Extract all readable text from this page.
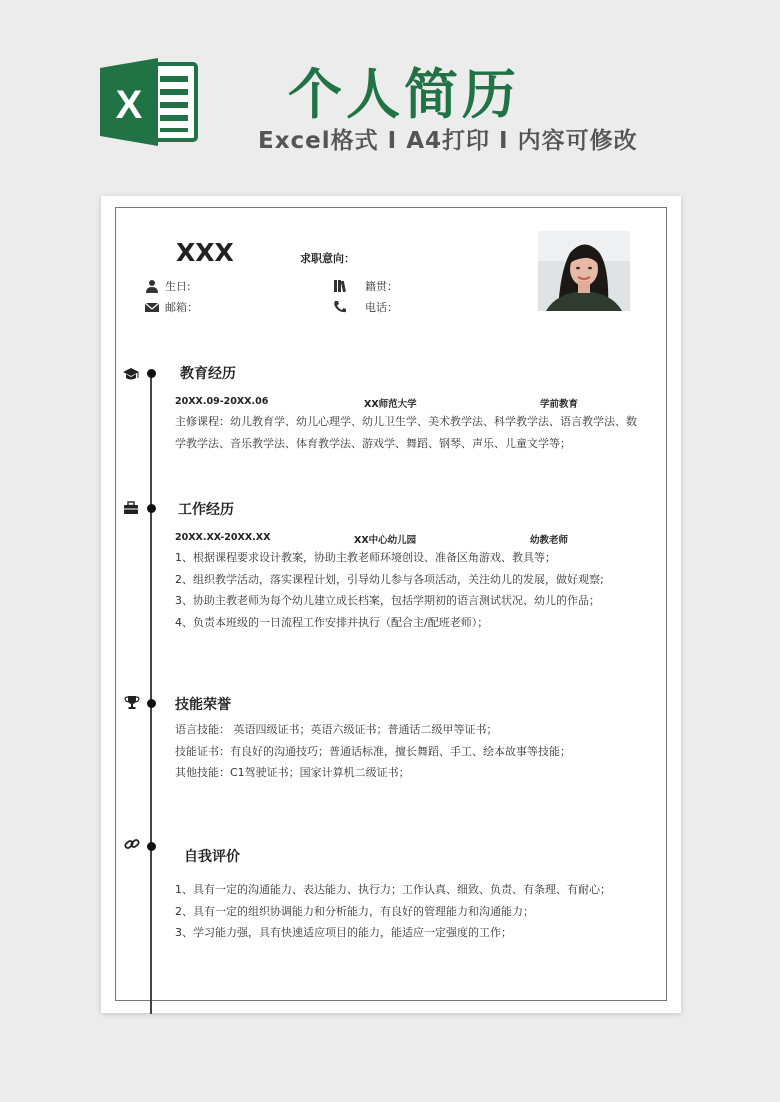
X	个人简历
Excel格式 I A4打印 I 内容可修改
XXX	求职意向：
生日:	籍贯：
邮箱：	电话：
教育经历
20XX.09-20XX.06	XX师范大学	学前教育
主修课程：幼儿教育学、幼儿心理学、幼儿卫生学、美术教学法、科学教学法、语言教学法、数
学教学法、音乐教学法、体育教学法、游戏学、舞蹈、钢琴、声乐、儿童文学等；
工作经历
20XX.XX-20XX.XX	XX中心幼儿园	幼教老师
1、根据课程要求设计教案，协助主教老师环境创设、准备区角游戏、教具等；
2、组织教学活动，落实课程计划，引导幼儿参与各项活动，关注幼儿的发展，做好观察;
3、协助主教老师为每个幼儿建立成长档案，包括学期初的语言测试状况、幼儿的作品；
4、负责本班级的一日流程工作安排并执行（配合主/配班老师）；
技能荣誉
语言技能： 英语四级证书；英语六级证书；普通话二级甲等证书；
技能证书：有良好的沟通技巧；普通话标准，擅长舞蹈、手工、绘本故事等技能；
其他技能：C1驾驶证书；国家计算机二级证书；
自我评价
1、具有一定的沟通能力、表达能力、执行力；工作认真、细致、负责、有条理、有耐心；
2、具有一定的组织协调能力和分析能力，有良好的管理能力和沟通能力；
3、学习能力强，具有快速适应项目的能力，能适应一定强度的工作；
